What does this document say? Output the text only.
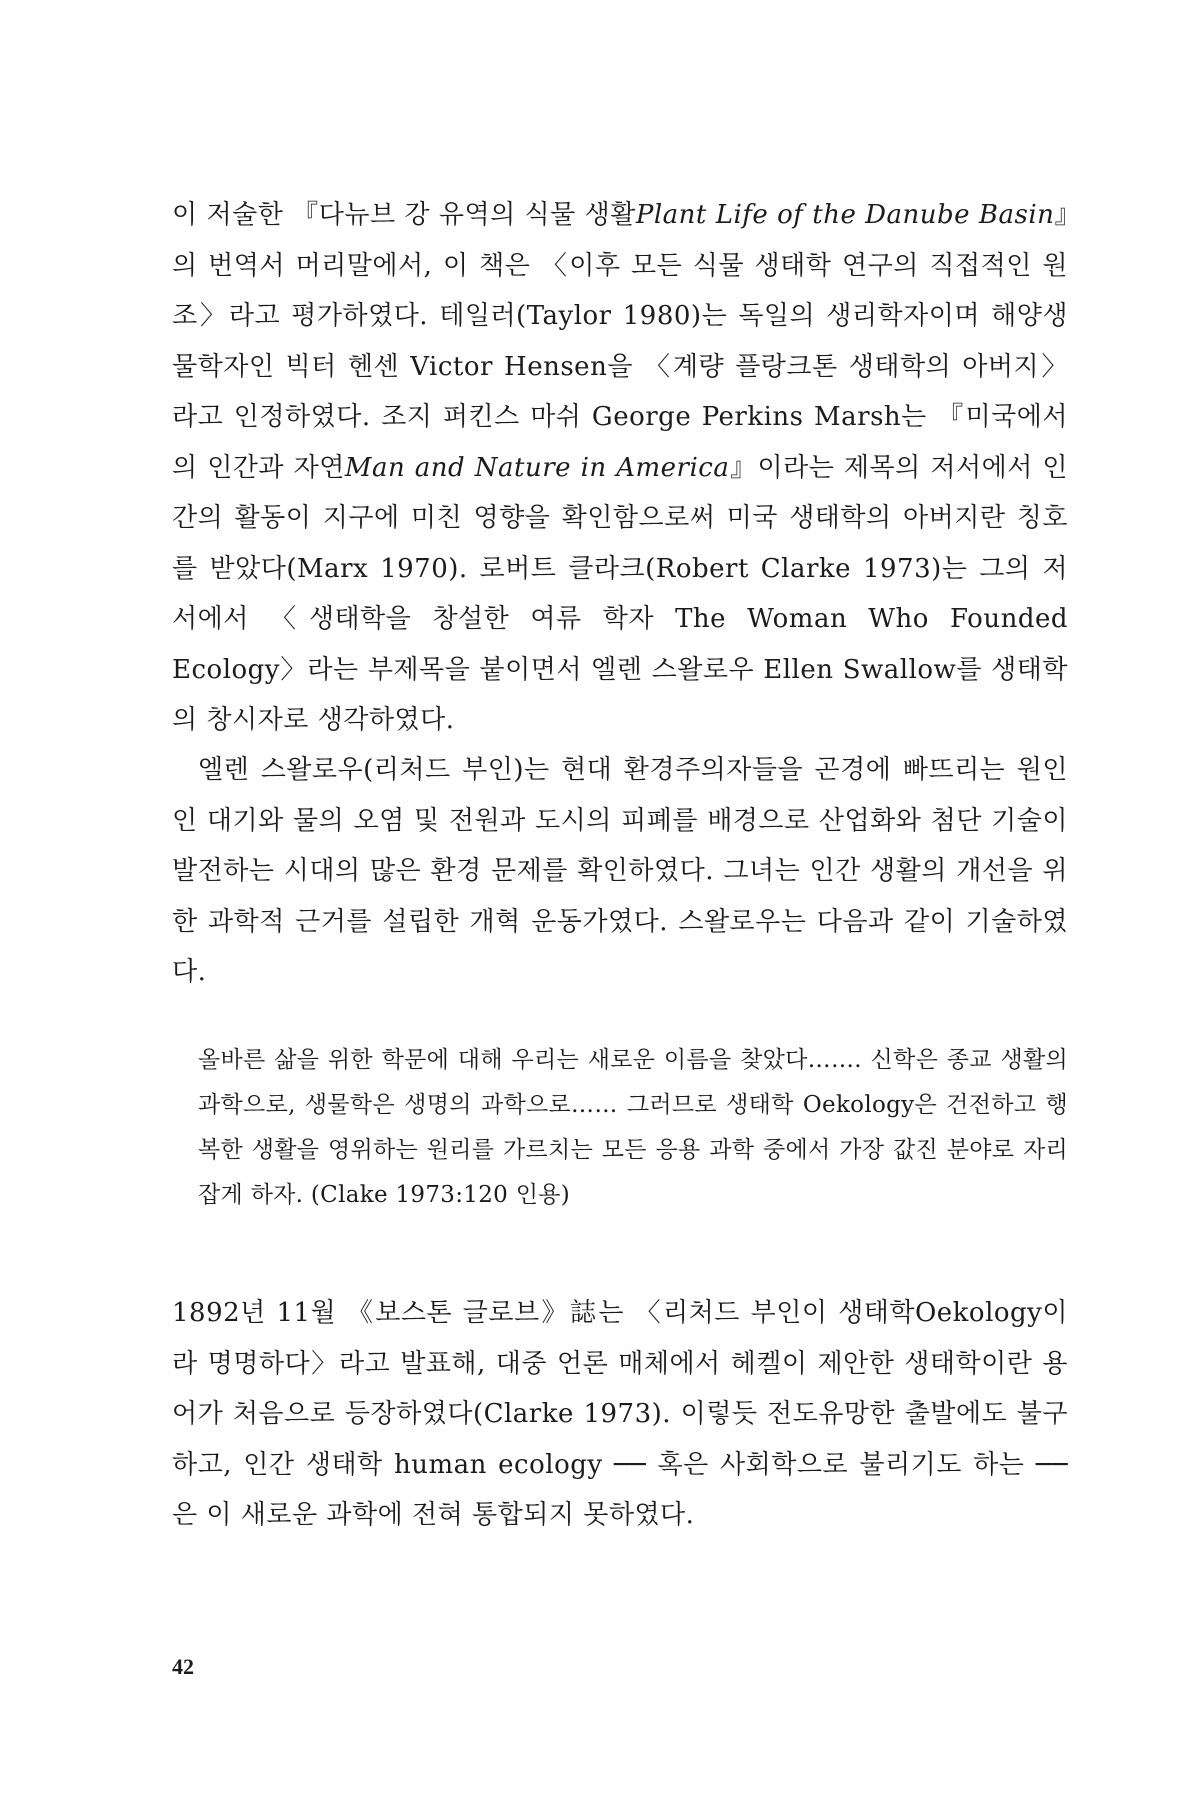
이 저술한 『다뉴브 강 유역의 식물 생활Plant Life of the Danube Basin』의 번역서 머리말에서, 이 책은 〈이후 모든 식물 생태학 연구의 직접적인 원조〉라고 평가하였다. 테일러(Taylor 1980)는 독일의 생리학자이며 해양생물학자인 빅터 헨센 Victor Hensen을 〈계량 플랑크톤 생태학의 아버지〉라고 인정하였다. 조지 퍼킨스 마쉬 George Perkins Marsh는 『미국에서의 인간과 자연Man and Nature in America』이라는 제목의 저서에서 인간의 활동이 지구에 미친 영향을 확인함으로써 미국 생태학의 아버지란 칭호를 받았다(Marx 1970). 로버트 클라크(Robert Clarke 1973)는 그의 저서에서 〈생태학을 창설한 여류 학자 The Woman Who Founded Ecology〉라는 부제목을 붙이면서 엘렌 스왈로우 Ellen Swallow를 생태학의 창시자로 생각하였다.

엘렌 스왈로우(리처드 부인)는 현대 환경주의자들을 곤경에 빠뜨리는 원인인 대기와 물의 오염 및 전원과 도시의 피폐를 배경으로 산업화와 첨단 기술이 발전하는 시대의 많은 환경 문제를 확인하였다. 그녀는 인간 생활의 개선을 위한 과학적 근거를 설립한 개혁 운동가였다. 스왈로우는 다음과 같이 기술하였다.

올바른 삶을 위한 학문에 대해 우리는 새로운 이름을 찾았다……. 신학은 종교 생활의 과학으로, 생물학은 생명의 과학으로…… 그러므로 생태학 Oekology은 건전하고 행복한 생활을 영위하는 원리를 가르치는 모든 응용 과학 중에서 가장 값진 분야로 자리잡게 하자. (Clake 1973:120 인용)

1892년 11월 《보스톤 글로브》誌는 〈리처드 부인이 생태학Oekology이라 명명하다〉라고 발표해, 대중 언론 매체에서 헤켈이 제안한 생태학이란 용어가 처음으로 등장하였다(Clarke 1973). 이렇듯 전도유망한 출발에도 불구하고, 인간 생태학 human ecology ── 혹은 사회학으로 불리기도 하는 ── 은 이 새로운 과학에 전혀 통합되지 못하였다.

42
